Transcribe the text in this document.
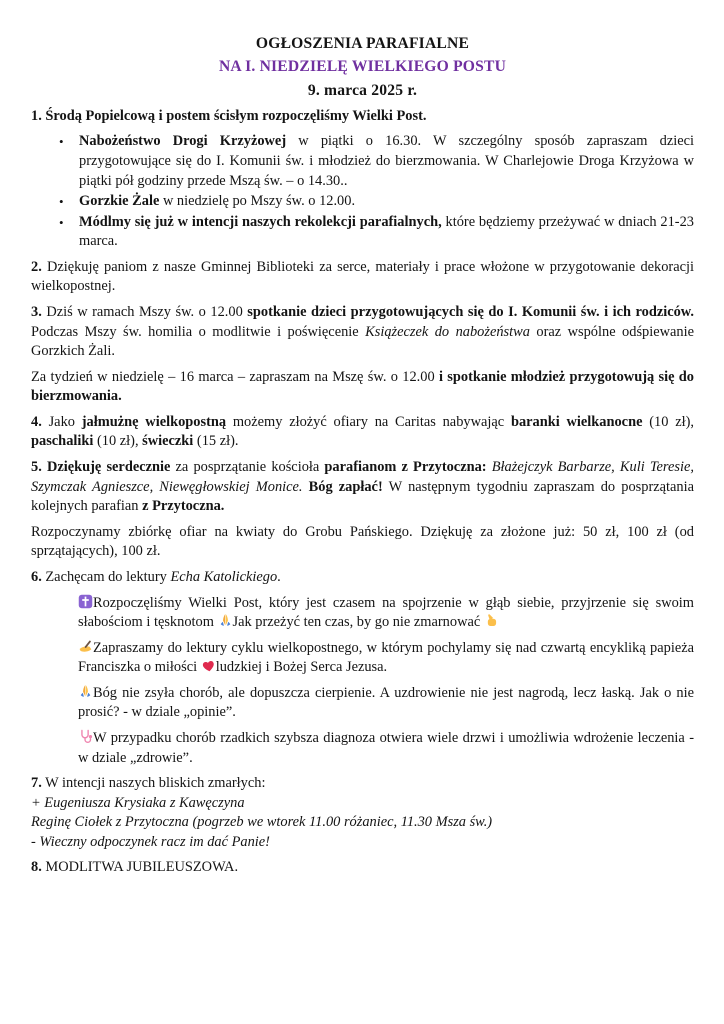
OGŁOSZENIA PARAFIALNE
NA I. NIEDZIELĘ WIELKIEGO POSTU
9. marca 2025 r.
1. Środą Popielcową i postem ścisłym rozpoczęliśmy Wielki Post.
•	Nabożeństwo Drogi Krzyżowej w piątki o 16.30. W szczególny sposób zapraszam dzieci przygotowujące się do I. Komunii św. i młodzież do bierzmowania. W Charlejowie Droga Krzyżowa w piątki pół godziny przede Mszą św. – o 14.30..
•	Gorzkie Żale w niedzielę po Mszy św. o 12.00.
•	Módlmy się już w intencji naszych rekolekcji parafialnych, które będziemy przeżywać w dniach 21-23 marca.
2. Dziękuję paniom z nasze Gminnej Biblioteki za serce, materiały i prace włożone w przygotowanie dekoracji wielkopostnej.
3. Dziś w ramach Mszy św. o 12.00 spotkanie dzieci przygotowujących się do I. Komunii św. i ich rodziców. Podczas Mszy św. homilia o modlitwie i poświęcenie Książeczek do nabożeństwa oraz wspólne odśpiewanie Gorzkich Żali.
Za tydzień w niedzielę – 16 marca – zapraszam na Mszę św. o 12.00 i spotkanie młodzież przygotowują się do bierzmowania.
4. Jako jałmużnę wielkopostną możemy złożyć ofiary na Caritas nabywając baranki wielkanocne (10 zł), paschaliki (10 zł), świeczki (15 zł).
5. Dziękuję serdecznie za posprzątanie kościoła parafianom z Przytoczna: Błażejczyk Barbarze, Kuli Teresie, Szymczak Agnieszce, Niewęgłowskiej Monice. Bóg zapłać! W następnym tygodniu zapraszam do posprzątania kolejnych parafian z Przytoczna.
Rozpoczynamy zbiórkę ofiar na kwiaty do Grobu Pańskiego. Dziękuję za złożone już: 50 zł, 100 zł (od sprzątających), 100 zł.
6. Zachęcam do lektury Echa Katolickiego.
Rozpoczęliśmy Wielki Post, który jest czasem na spojrzenie w głąb siebie, przyjrzenie się swoim słabościom i tęsknotom
Jak przeżyć ten czas, by go nie zmarnować
Zapraszamy do lektury cyklu wielkopostnego, w którym pochylamy się nad czwartą encykliką papieża Franciszka o miłości
ludzkiej i Bożej Serca Jezusa.
Bóg nie zsyła chorób, ale dopuszcza cierpienie. A uzdrowienie nie jest nagrodą, lecz łaską. Jak o nie prosić? - w dziale „opinie”.
W przypadku chorób rzadkich szybsza diagnoza otwiera wiele drzwi i umożliwia wdrożenie leczenia - w dziale „zdrowie”.
7. W intencji naszych bliskich zmarłych:
+ Eugeniusza Krysiaka z Kawęczyna
Reginę Ciołek z Przytoczna (pogrzeb we wtorek 11.00 różaniec, 11.30 Msza św.)
- Wieczny odpoczynek racz im dać Panie!
8. MODLITWA JUBILEUSZOWA.
